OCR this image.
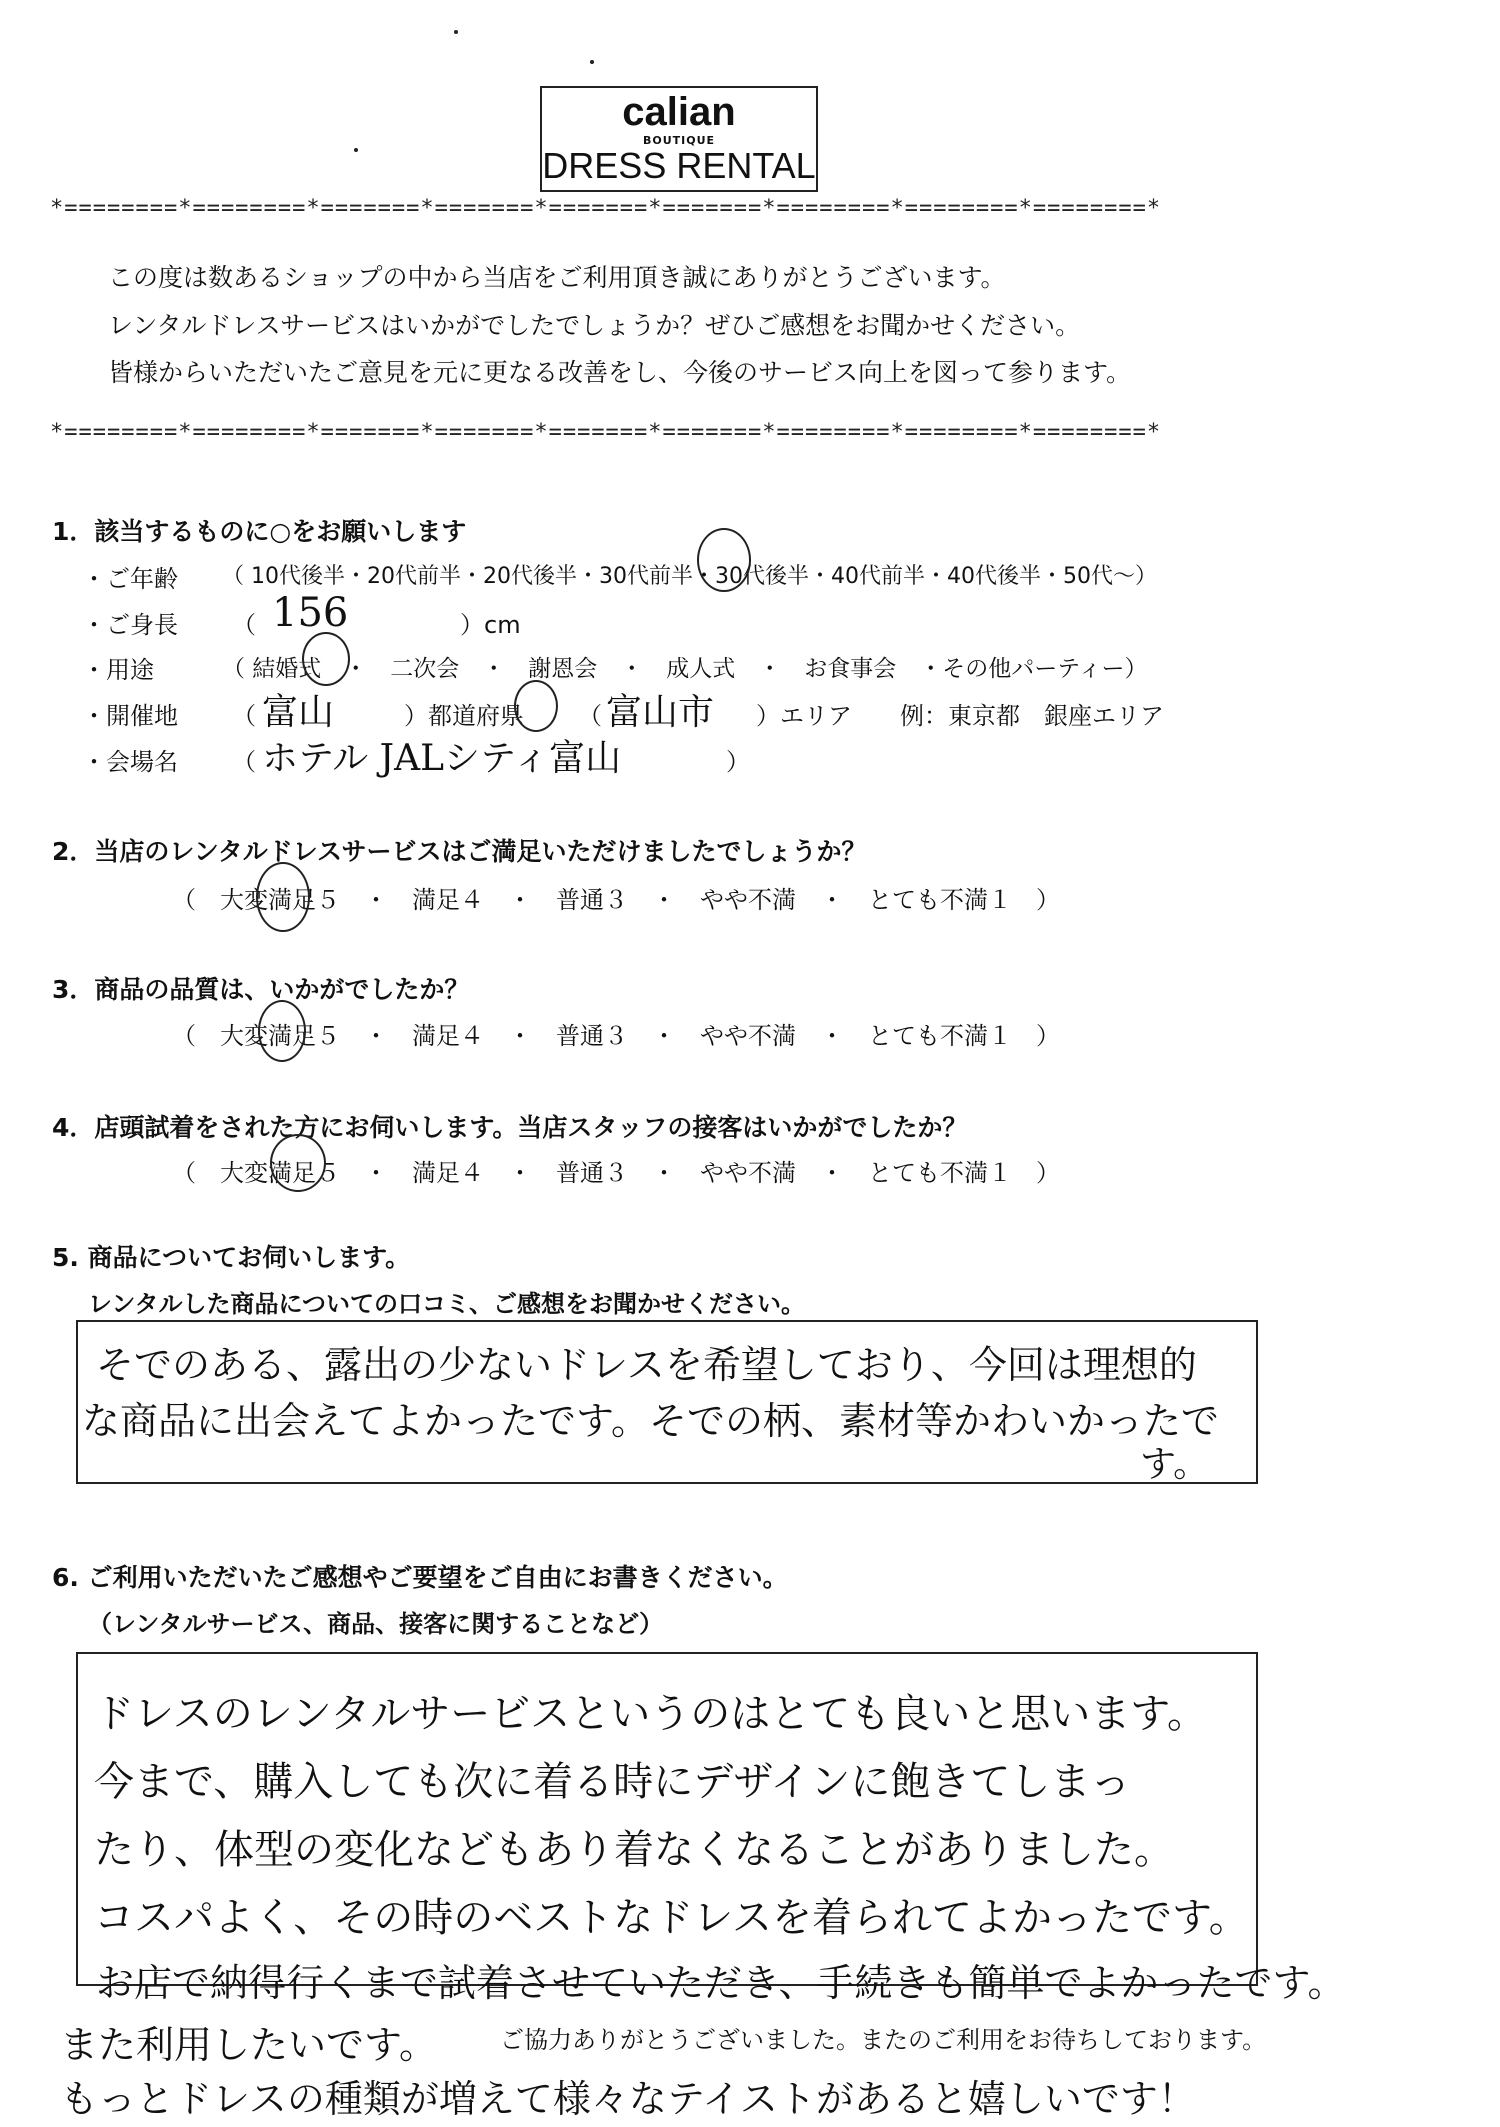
calian
BOUTIQUE
DRESS RENTAL
*========*========*=======*=======*=======*=======*========*========*========*
この度は数あるショップの中から当店をご利用頂き誠にありがとうございます。
レンタルドレスサービスはいかがでしたでしょうか？ぜひご感想をお聞かせください。
皆様からいただいたご意見を元に更なる改善をし、今後のサービス向上を図って参ります。
*========*========*=======*=======*=======*=======*========*========*========*
1．該当するものに○をお願いします
・ご年齢 （ 10代後半・20代前半・20代後半・30代前半・30代後半・40代前半・40代後半・50代〜）
・ご身長 （ 156	）cm
・用途	（ 結婚式　・　二次会　・　謝恩会　・　成人式　・　お食事会　・その他パーティー）
・開催地 （ 富山	）都道府県 （ 富山市 ）エリア　　例：東京都　銀座エリア
・会場名 （ ホテル JALシティ富山	）
2．当店のレンタルドレスサービスはご満足いただけましたでしょうか？
（　大変満足５　・　満足４　・　普通３　・　やや不満　・　とても不満１　）
3．商品の品質は、いかがでしたか？
（　大変満足５　・　満足４　・　普通３　・　やや不満　・　とても不満１　）
4．店頭試着をされた方にお伺いします。当店スタッフの接客はいかがでしたか？
（　大変満足５　・　満足４　・　普通３　・　やや不満　・　とても不満１　）
5. 商品についてお伺いします。
レンタルした商品についての口コミ、ご感想をお聞かせください。
そでのある、露出の少ないドレスを希望しており、今回は理想的
な商品に出会えてよかったです。そでの柄、素材等かわいかったで
す。
6. ご利用いただいたご感想やご要望をご自由にお書きください。
（レンタルサービス、商品、接客に関することなど）
ドレスのレンタルサービスというのはとても良いと思います。
今まで、購入しても次に着る時にデザインに飽きてしまっ
たり、体型の変化などもあり着なくなることがありました。
コスパよく、その時のベストなドレスを着られてよかったです。
お店で納得行くまで試着させていただき、手続きも簡単でよかったです。
また利用したいです。	ご協力ありがとうございました。またのご利用をお待ちしております。
もっとドレスの種類が増えて様々なテイストがあると嬉しいです！
